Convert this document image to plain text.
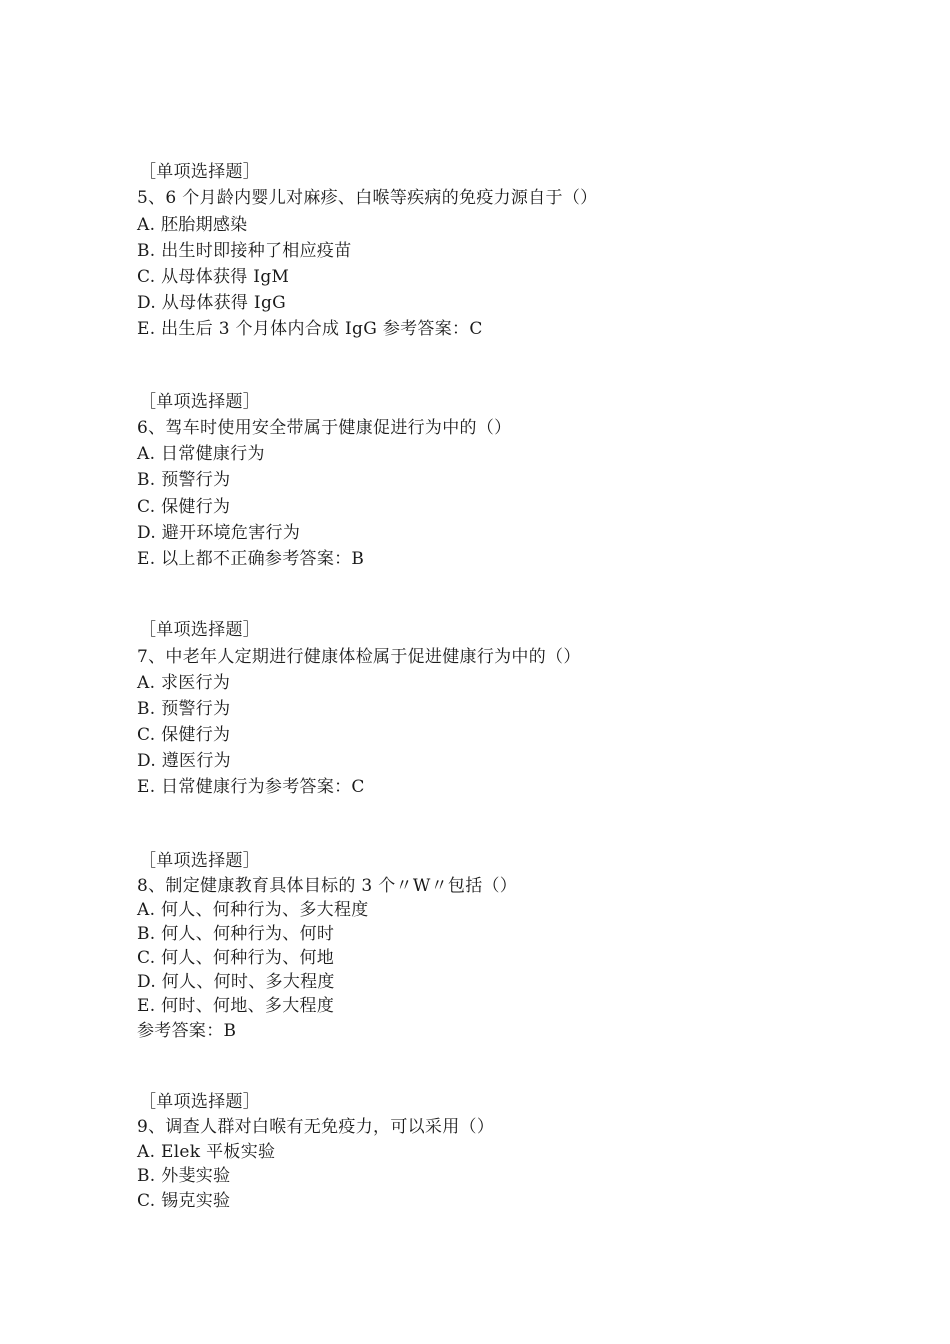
［单项选择题］
5、6 个月龄内婴儿对麻疹、白喉等疾病的免疫力源自于（）
A. 胚胎期感染
B. 出生时即接种了相应疫苗
C. 从母体获得 IgM
D. 从母体获得 IgG
E. 出生后 3 个月体内合成 IgG 参考答案：C
［单项选择题］
6、驾车时使用安全带属于健康促进行为中的（）
A. 日常健康行为
B. 预警行为
C. 保健行为
D. 避开环境危害行为
E. 以上都不正确参考答案：B
［单项选择题］
7、中老年人定期进行健康体检属于促进健康行为中的（）
A. 求医行为
B. 预警行为
C. 保健行为
D. 遵医行为
E. 日常健康行为参考答案：C
［单项选择题］
8、制定健康教育具体目标的 3 个〃W〃包括（）
A. 何人、何种行为、多大程度
B. 何人、何种行为、何时
C. 何人、何种行为、何地
D. 何人、何时、多大程度
E. 何时、何地、多大程度
参考答案：B
［单项选择题］
9、调查人群对白喉有无免疫力，可以采用（）
A. Elek 平板实验
B. 外斐实验
C. 锡克实验
